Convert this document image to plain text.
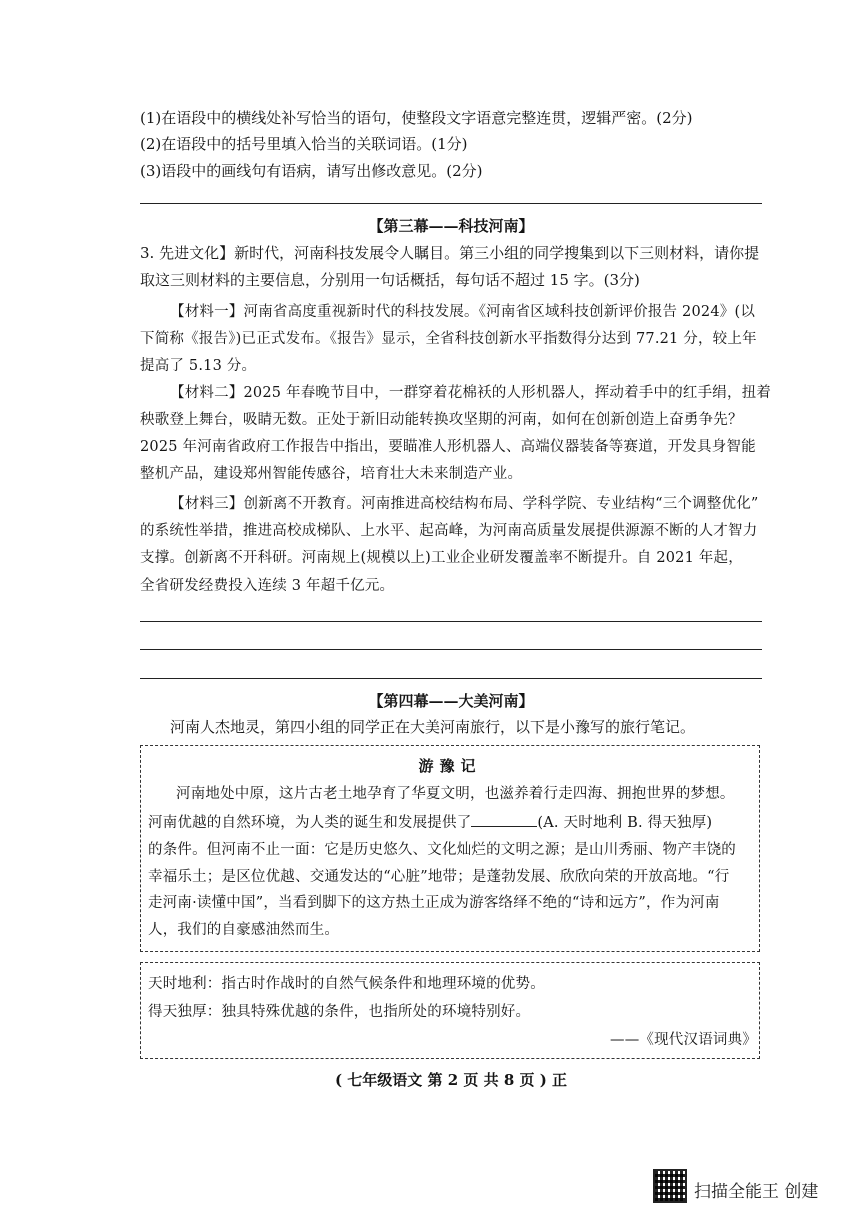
(1)在语段中的横线处补写恰当的语句，使整段文字语意完整连贯，逻辑严密。(2分)
(2)在语段中的括号里填入恰当的关联词语。(1分)
(3)语段中的画线句有语病，请写出修改意见。(2分)
【第三幕——科技河南】
3. 先进文化】新时代，河南科技发展令人瞩目。第三小组的同学搜集到以下三则材料，请你提
取这三则材料的主要信息，分别用一句话概括，每句话不超过 15 字。(3分)
【材料一】河南省高度重视新时代的科技发展。《河南省区域科技创新评价报告 2024》(以
下简称《报告》)已正式发布。《报告》显示，全省科技创新水平指数得分达到 77.21 分，较上年
提高了 5.13 分。
【材料二】2025 年春晚节目中，一群穿着花棉袄的人形机器人，挥动着手中的红手绢，扭着
秧歌登上舞台，吸睛无数。正处于新旧动能转换攻坚期的河南，如何在创新创造上奋勇争先？
2025 年河南省政府工作报告中指出，要瞄准人形机器人、高端仪器装备等赛道，开发具身智能
整机产品，建设郑州智能传感谷，培育壮大未来制造产业。
【材料三】创新离不开教育。河南推进高校结构布局、学科学院、专业结构“三个调整优化”
的系统性举措，推进高校成梯队、上水平、起高峰，为河南高质量发展提供源源不断的人才智力
支撑。创新离不开科研。河南规上(规模以上)工业企业研发覆盖率不断提升。自 2021 年起，
全省研发经费投入连续 3 年超千亿元。
【第四幕——大美河南】
河南人杰地灵，第四小组的同学正在大美河南旅行，以下是小豫写的旅行笔记。
游豫记
河南地处中原，这片古老土地孕育了华夏文明，也滋养着行走四海、拥抱世界的梦想。
河南优越的自然环境，为人类的诞生和发展提供了	(A. 天时地利 B. 得天独厚)
的条件。但河南不止一面：它是历史悠久、文化灿烂的文明之源；是山川秀丽、物产丰饶的
幸福乐土；是区位优越、交通发达的“心脏”地带；是蓬勃发展、欣欣向荣的开放高地。“行
走河南·读懂中国”，当看到脚下的这方热土正成为游客络绎不绝的“诗和远方”，作为河南
人，我们的自豪感油然而生。
天时地利：指古时作战时的自然气候条件和地理环境的优势。
得天独厚：独具特殊优越的条件，也指所处的环境特别好。
——《现代汉语词典》
( 七年级语文 第 2 页 共 8 页 ) 正
扫描全能王 创建
